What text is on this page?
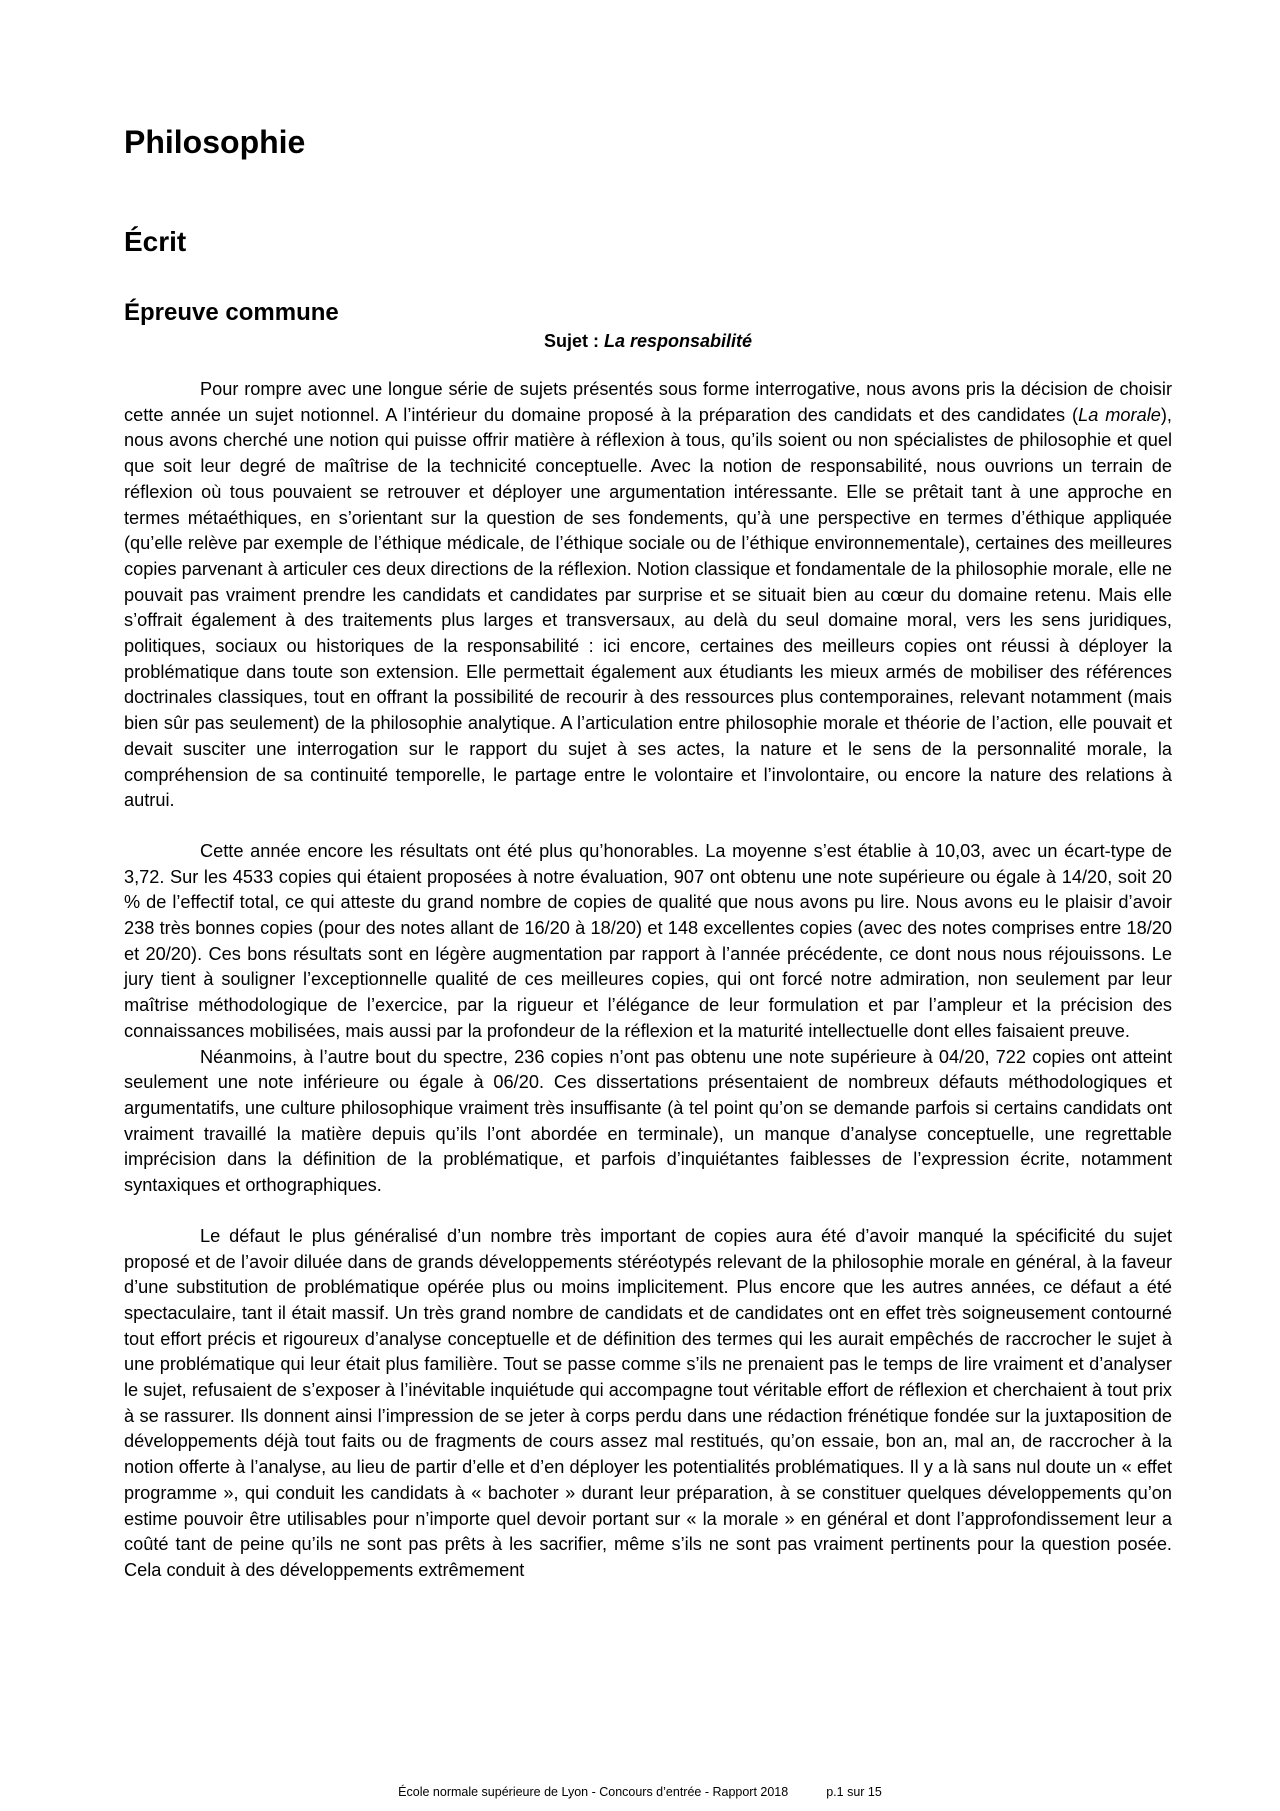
Philosophie
Écrit
Épreuve commune

Sujet : La responsabilité

Pour rompre avec une longue série de sujets présentés sous forme interrogative, nous avons pris la décision de choisir cette année un sujet notionnel. A l’intérieur du domaine proposé à la préparation des candidats et des candidates (La morale), nous avons cherché une notion qui puisse offrir matière à réflexion à tous, qu’ils soient ou non spécialistes de philosophie et quel que soit leur degré de maîtrise de la technicité conceptuelle. Avec la notion de responsabilité, nous ouvrions un terrain de réflexion où tous pouvaient se retrouver et déployer une argumentation intéressante. Elle se prêtait tant à une approche en termes métaéthiques, en s’orientant sur la question de ses fondements, qu’à une perspective en termes d’éthique appliquée (qu’elle relève par exemple de l’éthique médicale, de l’éthique sociale ou de l’éthique environnementale), certaines des meilleures copies parvenant à articuler ces deux directions de la réflexion. Notion classique et fondamentale de la philosophie morale, elle ne pouvait pas vraiment prendre les candidats et candidates par surprise et se situait bien au cœur du domaine retenu. Mais elle s’offrait également à des traitements plus larges et transversaux, au delà du seul domaine moral, vers les sens juridiques, politiques, sociaux ou historiques de la responsabilité : ici encore, certaines des meilleurs copies ont réussi à déployer la problématique dans toute son extension. Elle permettait également aux étudiants les mieux armés de mobiliser des références doctrinales classiques, tout en offrant la possibilité de recourir à des ressources plus contemporaines, relevant notamment (mais bien sûr pas seulement) de la philosophie analytique. A l’articulation entre philosophie morale et théorie de l’action, elle pouvait et devait susciter une interrogation sur le rapport du sujet à ses actes, la nature et le sens de la personnalité morale, la compréhension de sa continuité temporelle, le partage entre le volontaire et l’involontaire, ou encore la nature des relations à autrui.

Cette année encore les résultats ont été plus qu’honorables. La moyenne s’est établie à 10,03, avec un écart-type de 3,72. Sur les 4533 copies qui étaient proposées à notre évaluation, 907 ont obtenu une note supérieure ou égale à 14/20, soit 20 % de l’effectif total, ce qui atteste du grand nombre de copies de qualité que nous avons pu lire. Nous avons eu le plaisir d’avoir 238 très bonnes copies (pour des notes allant de 16/20 à 18/20) et 148 excellentes copies (avec des notes comprises entre 18/20 et 20/20). Ces bons résultats sont en légère augmentation par rapport à l’année précédente, ce dont nous nous réjouissons. Le jury tient à souligner l’exceptionnelle qualité de ces meilleures copies, qui ont forcé notre admiration, non seulement par leur maîtrise méthodologique de l’exercice, par la rigueur et l’élégance de leur formulation et par l’ampleur et la précision des connaissances mobilisées, mais aussi par la profondeur de la réflexion et la maturité intellectuelle dont elles faisaient preuve.

Néanmoins, à l’autre bout du spectre, 236 copies n’ont pas obtenu une note supérieure à 04/20, 722 copies ont atteint seulement une note inférieure ou égale à 06/20. Ces dissertations présentaient de nombreux défauts méthodologiques et argumentatifs, une culture philosophique vraiment très insuffisante (à tel point qu’on se demande parfois si certains candidats ont vraiment travaillé la matière depuis qu’ils l’ont abordée en terminale), un manque d’analyse conceptuelle, une regrettable imprécision dans la définition de la problématique, et parfois d’inquiétantes faiblesses de l’expression écrite, notamment syntaxiques et orthographiques.

Le défaut le plus généralisé d’un nombre très important de copies aura été d’avoir manqué la spécificité du sujet proposé et de l’avoir diluée dans de grands développements stéréotypés relevant de la philosophie morale en général, à la faveur d’une substitution de problématique opérée plus ou moins implicitement. Plus encore que les autres années, ce défaut a été spectaculaire, tant il était massif. Un très grand nombre de candidats et de candidates ont en effet très soigneusement contourné tout effort précis et rigoureux d’analyse conceptuelle et de définition des termes qui les aurait empêchés de raccrocher le sujet à une problématique qui leur était plus familière. Tout se passe comme s’ils ne prenaient pas le temps de lire vraiment et d’analyser le sujet, refusaient de s’exposer à l’inévitable inquiétude qui accompagne tout véritable effort de réflexion et cherchaient à tout prix à se rassurer. Ils donnent ainsi l’impression de se jeter à corps perdu dans une rédaction frénétique fondée sur la juxtaposition de développements déjà tout faits ou de fragments de cours assez mal restitués, qu’on essaie, bon an, mal an, de raccrocher à la notion offerte à l’analyse, au lieu de partir d’elle et d’en déployer les potentialités problématiques. Il y a là sans nul doute un « effet programme », qui conduit les candidats à « bachoter » durant leur préparation, à se constituer quelques développements qu’on estime pouvoir être utilisables pour n’importe quel devoir portant sur « la morale » en général et dont l’approfondissement leur a coûté tant de peine qu’ils ne sont pas prêts à les sacrifier, même s’ils ne sont pas vraiment pertinents pour la question posée. Cela conduit à des développements extrêmement

École normale supérieure de Lyon - Concours d’entrée - Rapport 2018	p.1 sur 15
